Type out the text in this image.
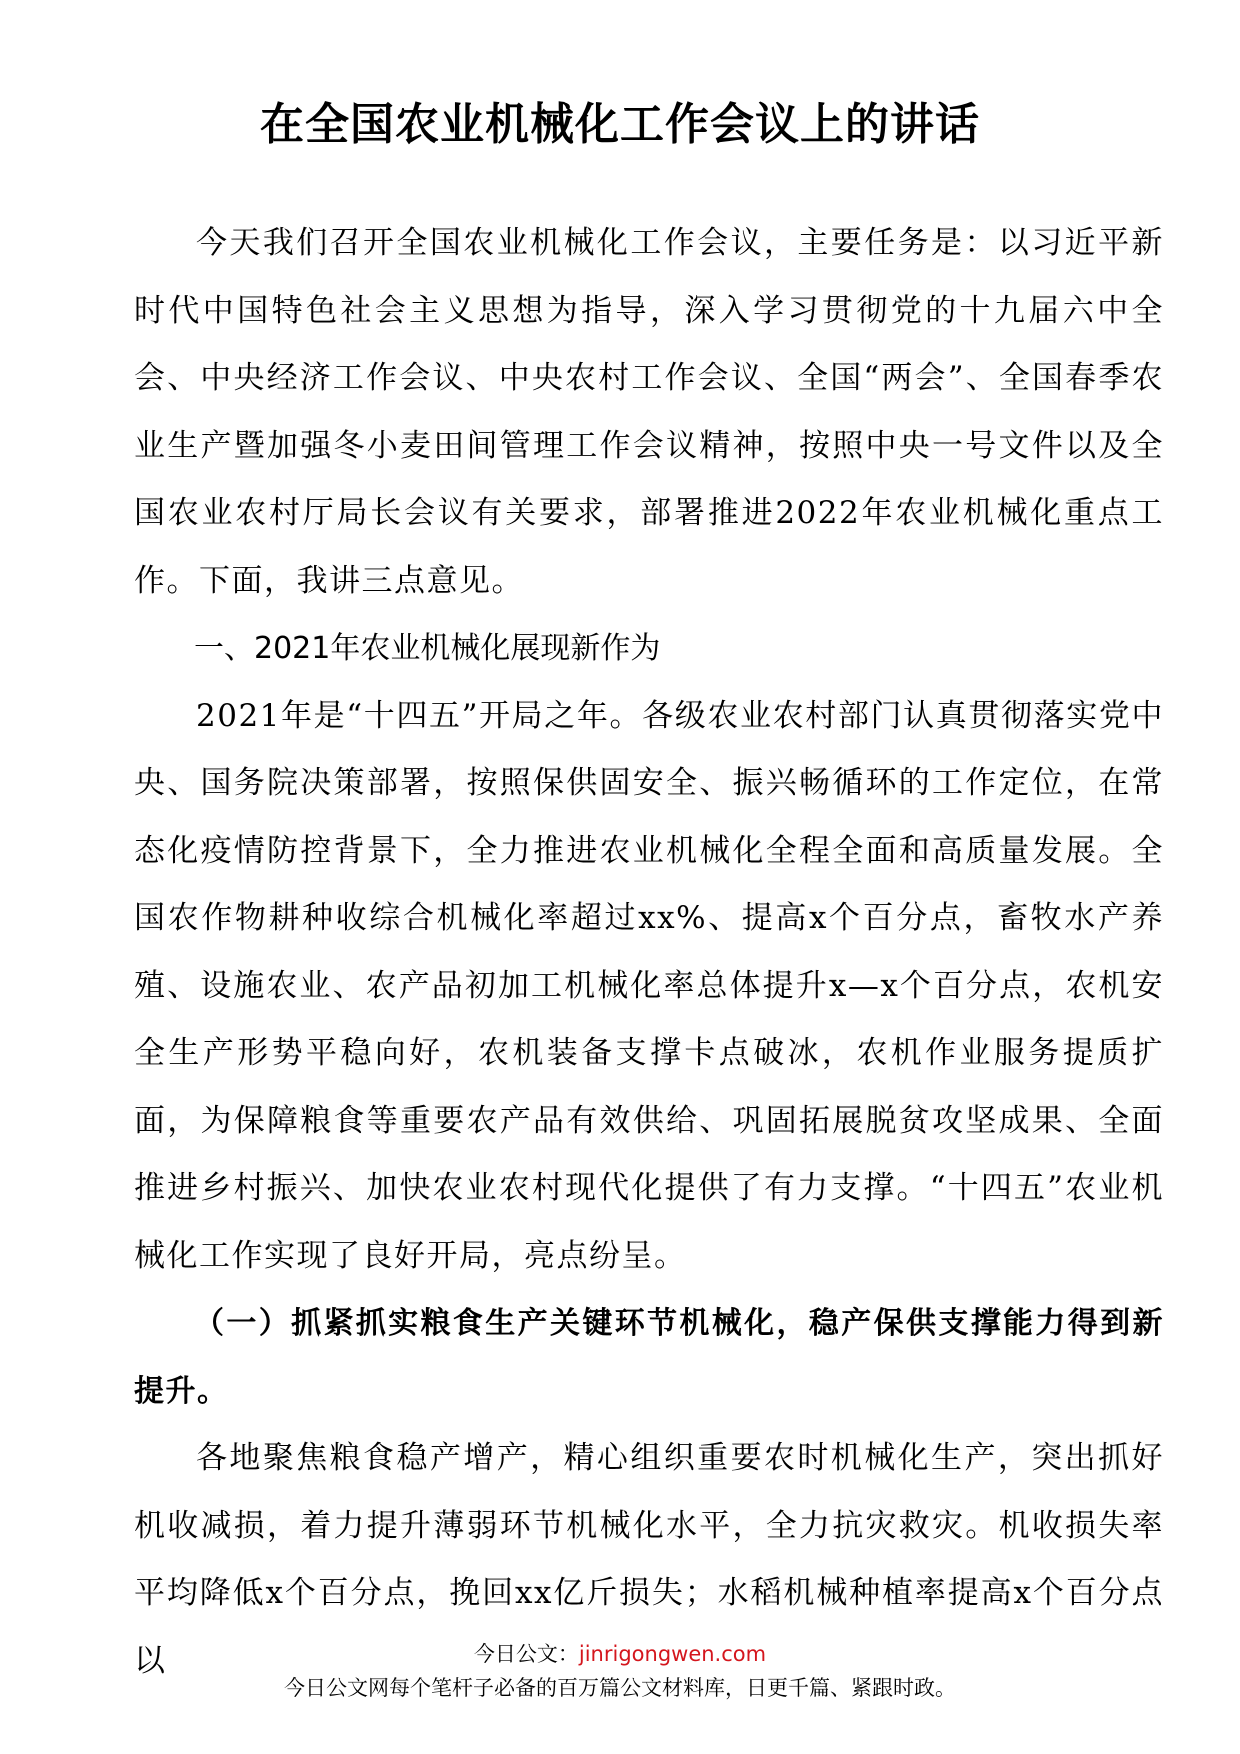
在全国农业机械化工作会议上的讲话

今天我们召开全国农业机械化工作会议，主要任务是：以习近平新时代中国特色社会主义思想为指导，深入学习贯彻党的十九届六中全会、中央经济工作会议、中央农村工作会议、全国“两会”、全国春季农业生产暨加强冬小麦田间管理工作会议精神，按照中央一号文件以及全国农业农村厅局长会议有关要求，部署推进2022年农业机械化重点工作。下面，我讲三点意见。

一、2021年农业机械化展现新作为

2021年是“十四五”开局之年。各级农业农村部门认真贯彻落实党中央、国务院决策部署，按照保供固安全、振兴畅循环的工作定位，在常态化疫情防控背景下，全力推进农业机械化全程全面和高质量发展。全国农作物耕种收综合机械化率超过xx%、提高x个百分点，畜牧水产养殖、设施农业、农产品初加工机械化率总体提升x—x个百分点，农机安全生产形势平稳向好，农机装备支撑卡点破冰，农机作业服务提质扩面，为保障粮食等重要农产品有效供给、巩固拓展脱贫攻坚成果、全面推进乡村振兴、加快农业农村现代化提供了有力支撑。“十四五”农业机械化工作实现了良好开局，亮点纷呈。

（一）抓紧抓实粮食生产关键环节机械化，稳产保供支撑能力得到新提升。

各地聚焦粮食稳产增产，精心组织重要农时机械化生产，突出抓好机收减损，着力提升薄弱环节机械化水平，全力抗灾救灾。机收损失率平均降低x个百分点，挽回xx亿斤损失；水稻机械种植率提高x个百分点以	今日公文：jinrigongwen.com
今日公文网每个笔杆子必备的百万篇公文材料库，日更千篇、紧跟时政。
